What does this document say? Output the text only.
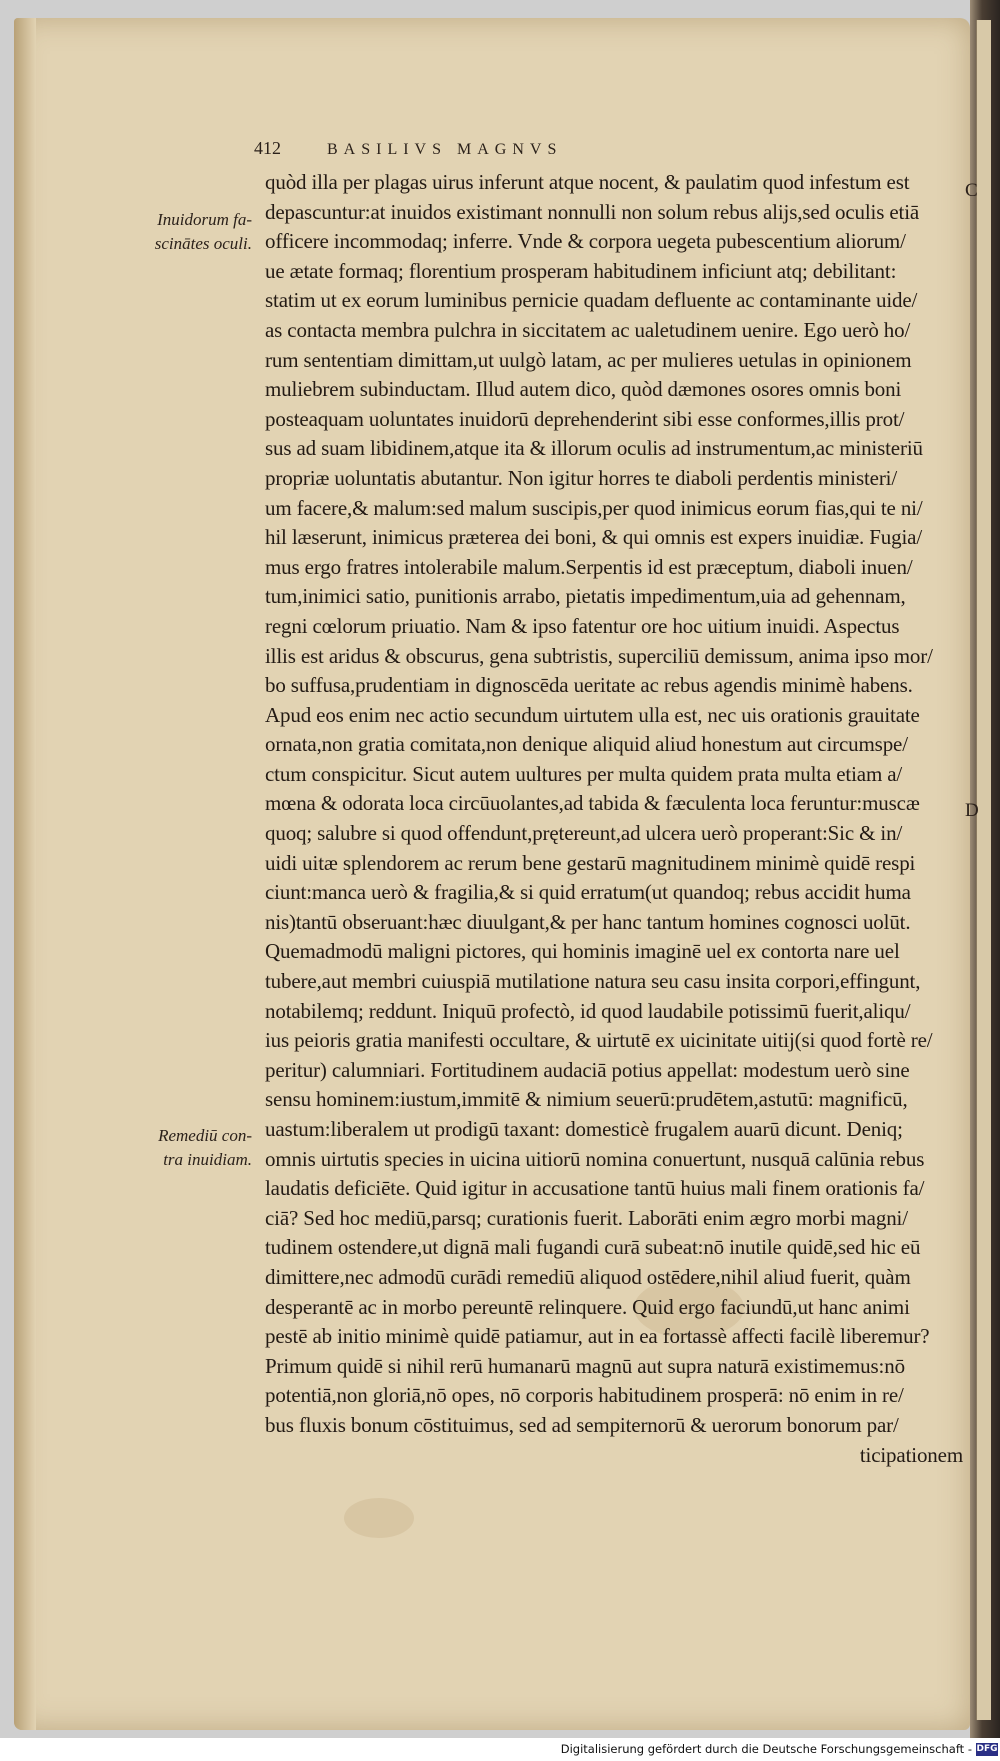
412	BASILIVS MAGNVS
C
D
Inuidorum fa-
scinātes oculi.
Remediū con-
tra inuidiam.
quòd illa per plagas uirus inferunt atque nocent, & paulatim quod infestum est
depascuntur:at inuidos existimant nonnulli non solum rebus alijs,sed oculis etiā
officere incommodaq; inferre. Vnde & corpora uegeta pubescentium aliorum/
ue ætate formaq; florentium prosperam habitudinem inficiunt atq; debilitant:
statim ut ex eorum luminibus pernicie quadam defluente ac contaminante uide/
as contacta membra pulchra in siccitatem ac ualetudinem uenire. Ego uerò ho/
rum sententiam dimittam,ut uulgò latam, ac per mulieres uetulas in opinionem
muliebrem subinductam. Illud autem dico, quòd dæmones osores omnis boni
posteaquam uoluntates inuidorū deprehenderint sibi esse conformes,illis prot/
sus ad suam libidinem,atque ita & illorum oculis ad instrumentum,ac ministeriū
propriæ uoluntatis abutantur. Non igitur horres te diaboli perdentis ministeri/
um facere,& malum:sed malum suscipis,per quod inimicus eorum fias,qui te ni/
hil læserunt, inimicus præterea dei boni, & qui omnis est expers inuidiæ. Fugia/
mus ergo fratres intolerabile malum.Serpentis id est præceptum, diaboli inuen/
tum,inimici satio, punitionis arrabo, pietatis impedimentum,uia ad gehennam,
regni cœlorum priuatio. Nam & ipso fatentur ore hoc uitium inuidi. Aspectus
illis est aridus & obscurus, gena subtristis, superciliū demissum, anima ipso mor/
bo suffusa,prudentiam in dignoscēda ueritate ac rebus agendis minimè habens.
Apud eos enim nec actio secundum uirtutem ulla est, nec uis orationis grauitate
ornata,non gratia comitata,non denique aliquid aliud honestum aut circumspe/
ctum conspicitur. Sicut autem uultures per multa quidem prata multa etiam a/
mœna & odorata loca circūuolantes,ad tabida & fæculenta loca feruntur:muscæ
quoq; salubre si quod offendunt,prętereunt,ad ulcera uerò properant:Sic & in/
uidi uitæ splendorem ac rerum bene gestarū magnitudinem minimè quidē respi
ciunt:manca uerò & fragilia,& si quid erratum(ut quandoq; rebus accidit huma
nis)tantū obseruant:hæc diuulgant,& per hanc tantum homines cognosci uolūt.
Quemadmodū maligni pictores, qui hominis imaginē uel ex contorta nare uel
tubere,aut membri cuiuspiā mutilatione natura seu casu insita corpori,effingunt,
notabilemq; reddunt. Iniquū profectò, id quod laudabile potissimū fuerit,aliqu/
ius peioris gratia manifesti occultare, & uirtutē ex uicinitate uitij(si quod fortè re/
peritur) calumniari. Fortitudinem audaciā potius appellat: modestum uerò sine
sensu hominem:iustum,immitē & nimium seuerū:prudētem,astutū: magnificū,
uastum:liberalem ut prodigū taxant: domesticè frugalem auarū dicunt. Deniq;
omnis uirtutis species in uicina uitiorū nomina conuertunt, nusquā calūnia rebus
laudatis deficiēte. Quid igitur in accusatione tantū huius mali finem orationis fa/
ciā? Sed hoc mediū,parsq; curationis fuerit. Laborāti enim ægro morbi magni/
tudinem ostendere,ut dignā mali fugandi curā subeat:nō inutile quidē,sed hic eū
dimittere,nec admodū curādi remediū aliquod ostēdere,nihil aliud fuerit, quàm
desperantē ac in morbo pereuntē relinquere. Quid ergo faciundū,ut hanc animi
pestē ab initio minimè quidē patiamur, aut in ea fortassè affecti facilè liberemur?
Primum quidē si nihil rerū humanarū magnū aut supra naturā existimemus:nō
potentiā,non gloriā,nō opes, nō corporis habitudinem prosperā: nō enim in re/
bus fluxis bonum cōstituimus, sed ad sempiternorū & uerorum bonorum par/
ticipationem
Digitalisierung gefördert durch die Deutsche Forschungsgemeinschaft - DFG
